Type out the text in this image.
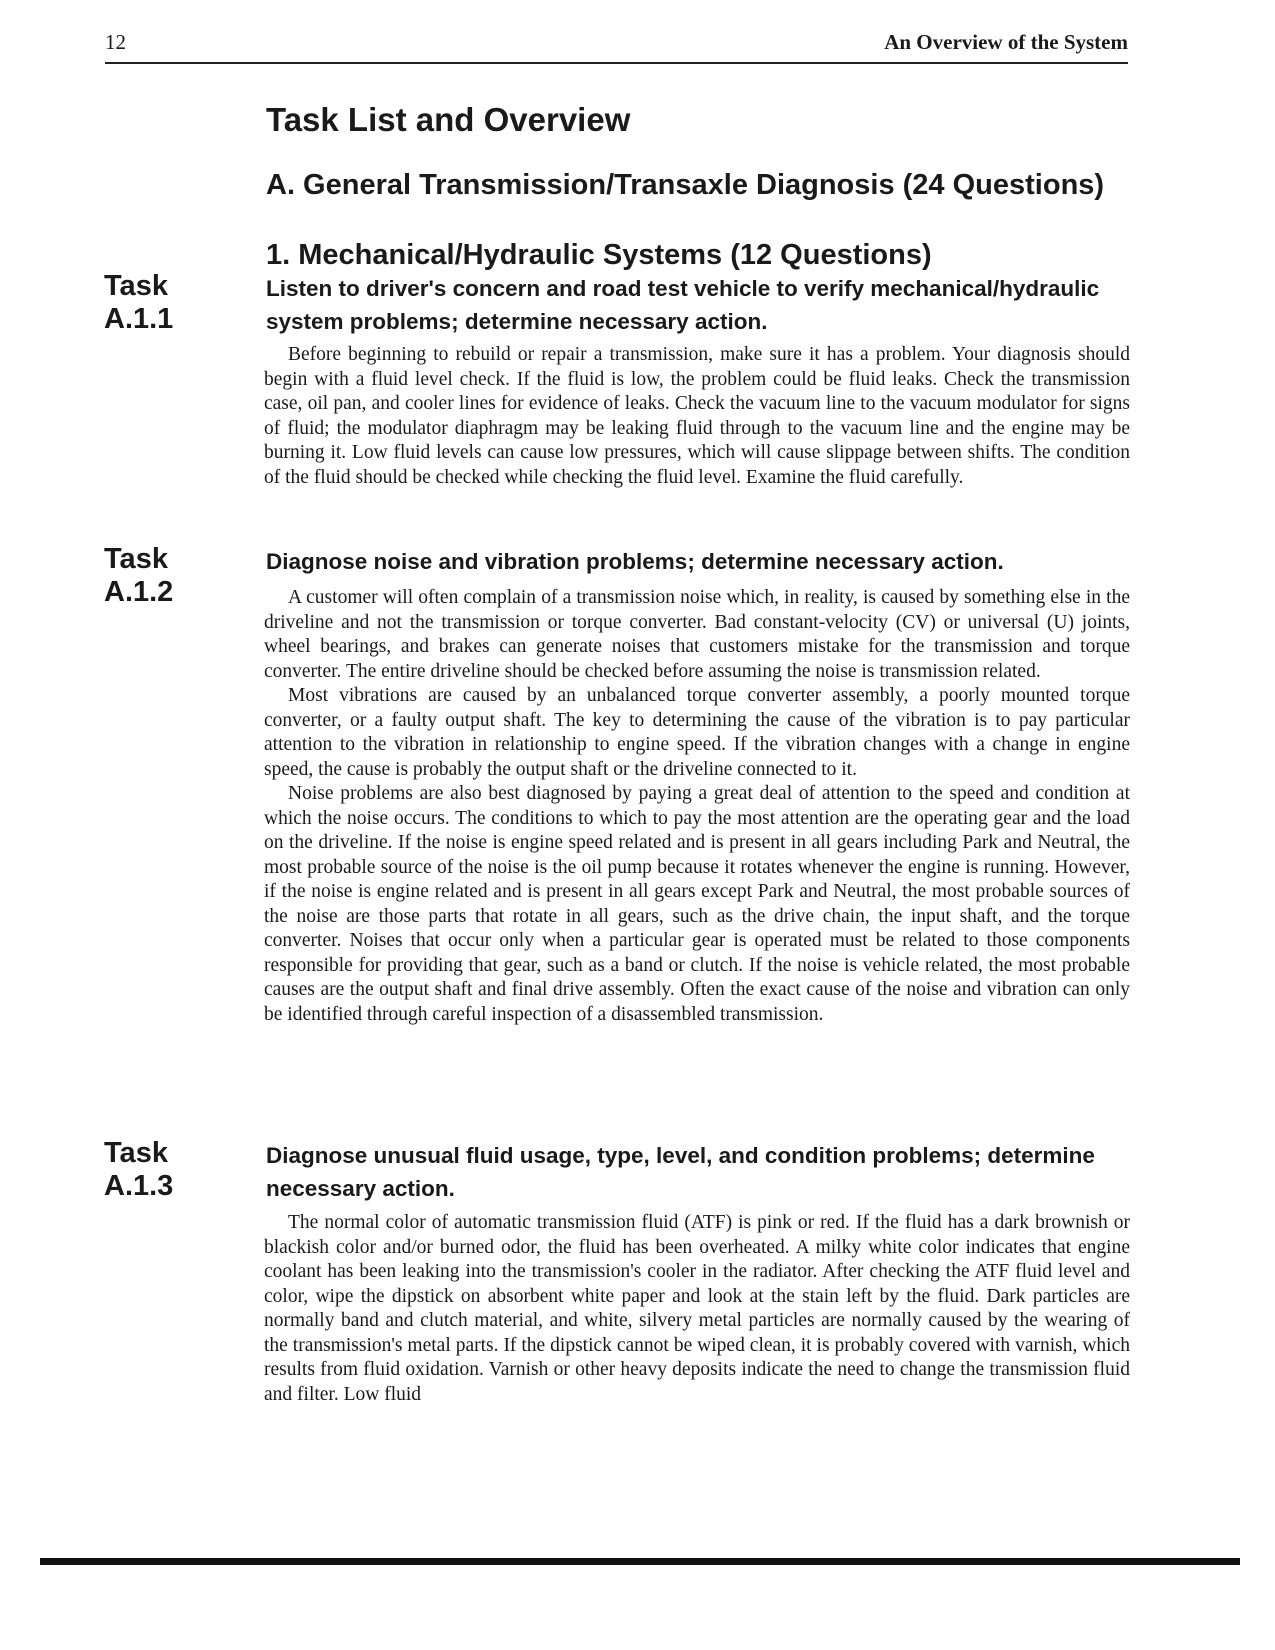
12	An Overview of the System
Task List and Overview
A. General Transmission/Transaxle Diagnosis (24 Questions)
1. Mechanical/Hydraulic Systems (12 Questions)
Task
A.1.1
Listen to driver's concern and road test vehicle to verify mechanical/hydraulic system problems; determine necessary action.

Before beginning to rebuild or repair a transmission, make sure it has a problem. Your diagnosis should begin with a fluid level check. If the fluid is low, the problem could be fluid leaks. Check the transmission case, oil pan, and cooler lines for evidence of leaks. Check the vacuum line to the vacuum modulator for signs of fluid; the modulator diaphragm may be leaking fluid through to the vacuum line and the engine may be burning it. Low fluid levels can cause low pressures, which will cause slippage between shifts. The condition of the fluid should be checked while checking the fluid level. Examine the fluid carefully.

Task
A.1.2
Diagnose noise and vibration problems; determine necessary action.

A customer will often complain of a transmission noise which, in reality, is caused by something else in the driveline and not the transmission or torque converter. Bad constant-velocity (CV) or universal (U) joints, wheel bearings, and brakes can generate noises that customers mistake for the transmission and torque converter. The entire driveline should be checked before assuming the noise is transmission related.

Most vibrations are caused by an unbalanced torque converter assembly, a poorly mounted torque converter, or a faulty output shaft. The key to determining the cause of the vibration is to pay particular attention to the vibration in relationship to engine speed. If the vibration changes with a change in engine speed, the cause is probably the output shaft or the driveline connected to it.

Noise problems are also best diagnosed by paying a great deal of attention to the speed and condition at which the noise occurs. The conditions to which to pay the most attention are the operating gear and the load on the driveline. If the noise is engine speed related and is present in all gears including Park and Neutral, the most probable source of the noise is the oil pump because it rotates whenever the engine is running. However, if the noise is engine related and is present in all gears except Park and Neutral, the most probable sources of the noise are those parts that rotate in all gears, such as the drive chain, the input shaft, and the torque converter. Noises that occur only when a particular gear is operated must be related to those components responsible for providing that gear, such as a band or clutch. If the noise is vehicle related, the most probable causes are the output shaft and final drive assembly. Often the exact cause of the noise and vibration can only be identified through careful inspection of a disassembled transmission.

Task
A.1.3
Diagnose unusual fluid usage, type, level, and condition problems; determine necessary action.

The normal color of automatic transmission fluid (ATF) is pink or red. If the fluid has a dark brownish or blackish color and/or burned odor, the fluid has been overheated. A milky white color indicates that engine coolant has been leaking into the transmission's cooler in the radiator. After checking the ATF fluid level and color, wipe the dipstick on absorbent white paper and look at the stain left by the fluid. Dark particles are normally band and clutch material, and white, silvery metal particles are normally caused by the wearing of the transmission's metal parts. If the dipstick cannot be wiped clean, it is probably covered with varnish, which results from fluid oxidation. Varnish or other heavy deposits indicate the need to change the transmission fluid and filter. Low fluid
